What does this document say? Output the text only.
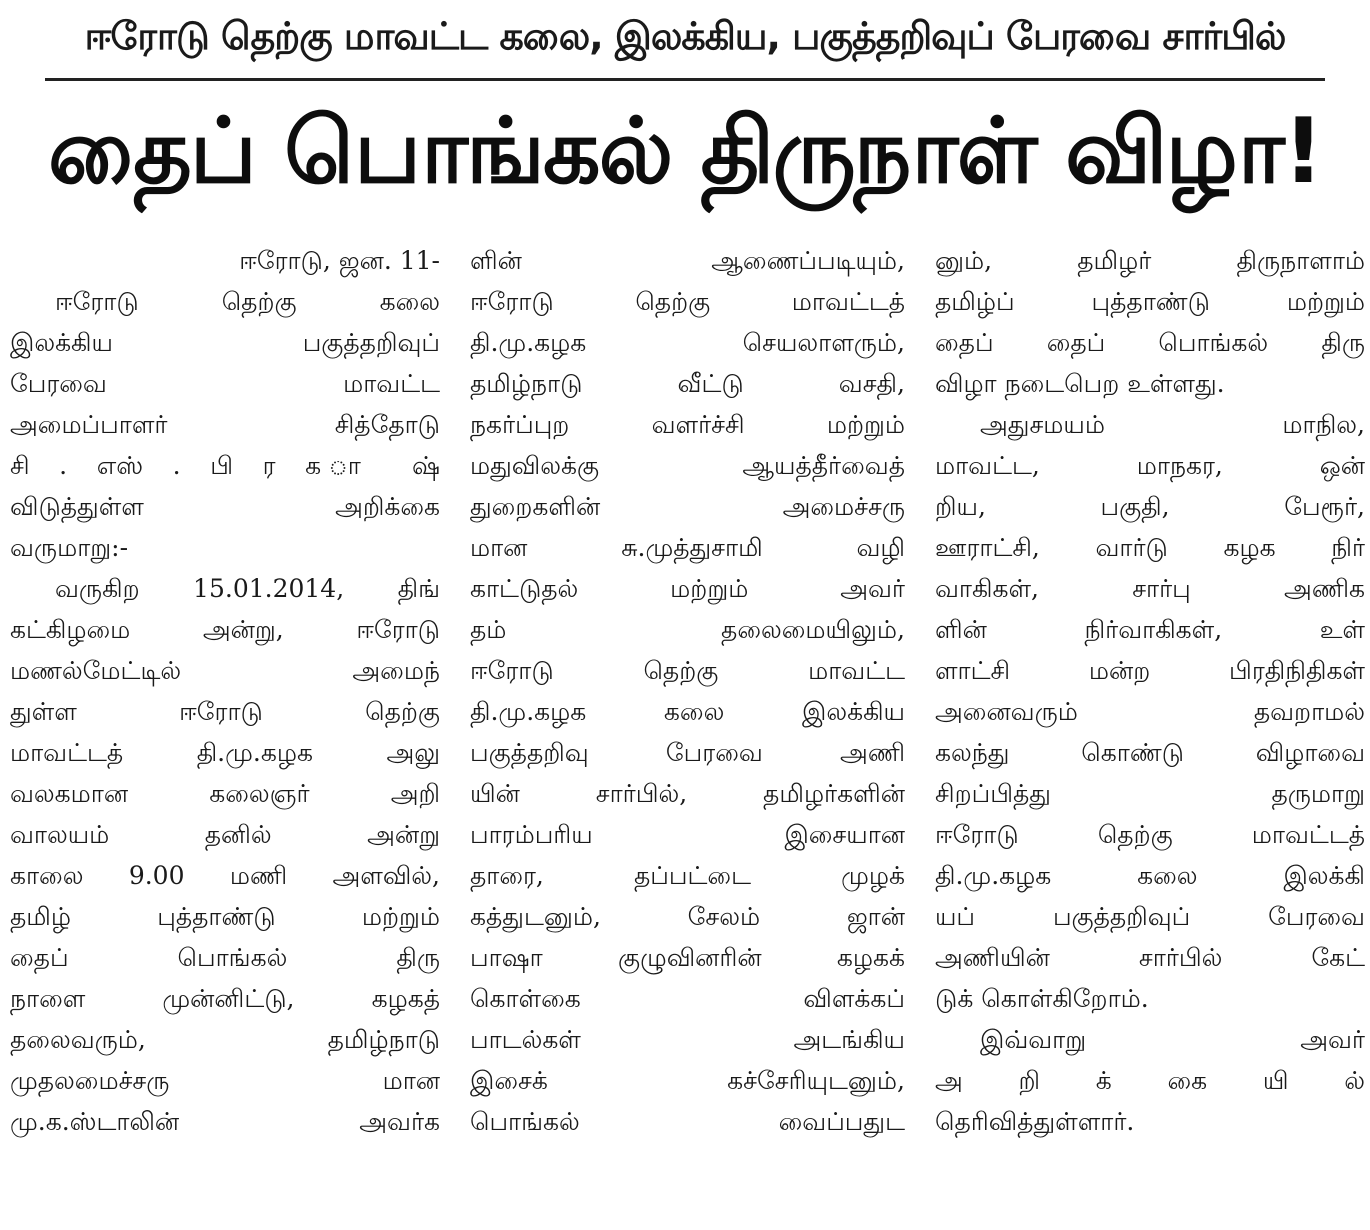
ஈரோடு தெற்கு மாவட்ட கலை, இலக்கிய, பகுத்தறிவுப் பேரவை சார்பில்
தைப் பொங்கல் திருநாள் விழா!
ஈரோடு, ஜன. 11-
ஈரோடு தெற்கு கலை
இலக்கிய பகுத்தறிவுப்
பேரவை மாவட்ட
அமைப்பாளர் சித்தோடு
சி . எஸ் . பி ர க ா ஷ்
விடுத்துள்ள அறிக்கை
வருமாறு:-
வருகிற 15.01.2014, திங்
கட்கிழமை அன்று, ஈரோடு
மணல்மேட்டில் அமைந்
துள்ள ஈரோடு தெற்கு
மாவட்டத் தி.மு.கழக அலு
வலகமான கலைஞர் அறி
வாலயம் தனில் அன்று
காலை 9.00 மணி அளவில்,
தமிழ் புத்தாண்டு மற்றும்
தைப் பொங்கல் திரு
நாளை முன்னிட்டு, கழகத்
தலைவரும், தமிழ்நாடு
முதலமைச்சரு மான
மு.க.ஸ்டாலின் அவர்க
ளின் ஆணைப்படியும்,
ஈரோடு தெற்கு மாவட்டத்
தி.மு.கழக செயலாளரும்,
தமிழ்நாடு வீட்டு வசதி,
நகர்ப்புற வளர்ச்சி மற்றும்
மதுவிலக்கு ஆயத்தீர்வைத்
துறைகளின் அமைச்சரு
மான சு.முத்துசாமி வழி
காட்டுதல் மற்றும் அவர்
தம் தலைமையிலும்,
ஈரோடு தெற்கு மாவட்ட
தி.மு.கழக கலை இலக்கிய
பகுத்தறிவு பேரவை அணி
யின் சார்பில், தமிழர்களின்
பாரம்பரிய இசையான
தாரை, தப்பட்டை முழக்
கத்துடனும், சேலம் ஜான்
பாஷா குழுவினரின் கழகக்
கொள்கை விளக்கப்
பாடல்கள் அடங்கிய
இசைக் கச்சேரியுடனும்,
பொங்கல் வைப்பதுட
னும், தமிழர் திருநாளாம்
தமிழ்ப் புத்தாண்டு மற்றும்
தைப் தைப் பொங்கல் திரு
விழா நடைபெற உள்ளது.
அதுசமயம் மாநில,
மாவட்ட, மாநகர, ஒன்
றிய, பகுதி, பேரூர்,
ஊராட்சி, வார்டு கழக நிர்
வாகிகள், சார்பு அணிக
ளின் நிர்வாகிகள், உள்
ளாட்சி மன்ற பிரதிநிதிகள்
அனைவரும் தவறாமல்
கலந்து கொண்டு விழாவை
சிறப்பித்து தருமாறு
ஈரோடு தெற்கு மாவட்டத்
தி.மு.கழக கலை இலக்கி
யப் பகுத்தறிவுப் பேரவை
அணியின் சார்பில் கேட்
டுக் கொள்கிறோம்.
இவ்வாறு அவர்
அ றி க் கை யி ல்
தெரிவித்துள்ளார்.
